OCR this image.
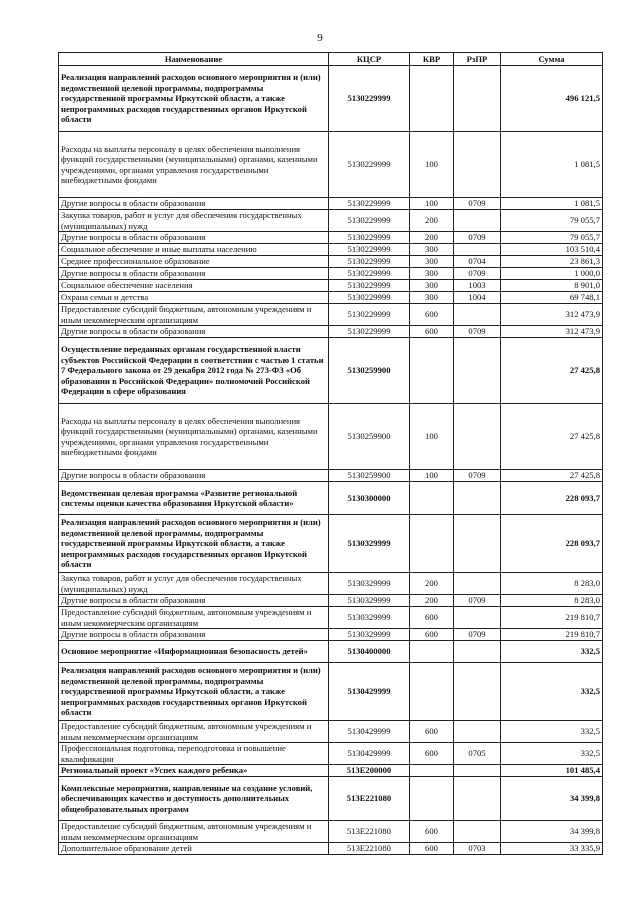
9
Наименование	КЦСР	КВР	РзПР	Сумма
Реализация направлений расходов основного мероприятия и (или) ведомственной целевой программы, подпрограммы государственной программы Иркутской области, а также непрограммных расходов государственных органов Иркутской области	5130229999			496 121,5
Расходы на выплаты персоналу в целях обеспечения выполнения функций государственными (муниципальными) органами, казенными учреждениями, органами управления государственными внебюджетными фондами	5130229999	100		1 081,5
Другие вопросы в области образования	5130229999	100	0709	1 081,5
Закупка товаров, работ и услуг для обеспечения государственных (муниципальных) нужд	5130229999	200		79 055,7
Другие вопросы в области образования	5130229999	200	0709	79 055,7
Социальное обеспечение и иные выплаты населению	5130229999	300		103 510,4
Среднее профессиональное образование	5130229999	300	0704	23 861,3
Другие вопросы в области образования	5130229999	300	0709	1 000,0
Социальное обеспечение населения	5130229999	300	1003	8 901,0
Охрана семьи и детства	5130229999	300	1004	69 748,1
Предоставление субсидий бюджетным, автономным учреждениям и иным некоммерческим организациям	5130229999	600		312 473,9
Другие вопросы в области образования	5130229999	600	0709	312 473,9
Осуществление переданных органам государственной власти субъектов Российской Федерации в соответствии с частью 1 статьи 7 Федерального закона от 29 декабря 2012 года № 273-ФЗ «Об образовании в Российской Федерации» полномочий Российской Федерации в сфере образования	5130259900			27 425,8
Расходы на выплаты персоналу в целях обеспечения выполнения функций государственными (муниципальными) органами, казенными учреждениями, органами управления государственными внебюджетными фондами	5130259900	100		27 425,8
Другие вопросы в области образования	5130259900	100	0709	27 425,8
Ведомственная целевая программа «Развитие региональной системы оценки качества образования Иркутской области»	5130300000			228 093,7
Реализация направлений расходов основного мероприятия и (или) ведомственной целевой программы, подпрограммы государственной программы Иркутской области, а также непрограммных расходов государственных органов Иркутской области	5130329999			228 093,7
Закупка товаров, работ и услуг для обеспечения государственных (муниципальных) нужд	5130329999	200		8 283,0
Другие вопросы в области образования	5130329999	200	0709	8 283,0
Предоставление субсидий бюджетным, автономным учреждениям и иным некоммерческим организациям	5130329999	600		219 810,7
Другие вопросы в области образования	5130329999	600	0709	219 810,7
Основное мероприятие «Информационная безопасность детей»	5130400000			332,5
Реализация направлений расходов основного мероприятия и (или) ведомственной целевой программы, подпрограммы государственной программы Иркутской области, а также непрограммных расходов государственных органов Иркутской области	5130429999			332,5
Предоставление субсидий бюджетным, автономным учреждениям и иным некоммерческим организациям	5130429999	600		332,5
Профессиональная подготовка, переподготовка и повышение квалификации	5130429999	600	0705	332,5
Региональный проект «Успех каждого ребенка»	513E200000			101 485,4
Комплексные мероприятия, направленные на создание условий, обеспечивающих качество и доступность дополнительных общеобразовательных программ	513E221080			34 399,8
Предоставление субсидий бюджетным, автономным учреждениям и иным некоммерческим организациям	513E221080	600		34 399,8
Дополнительное образование детей	513E221080	600	0703	33 335,9
